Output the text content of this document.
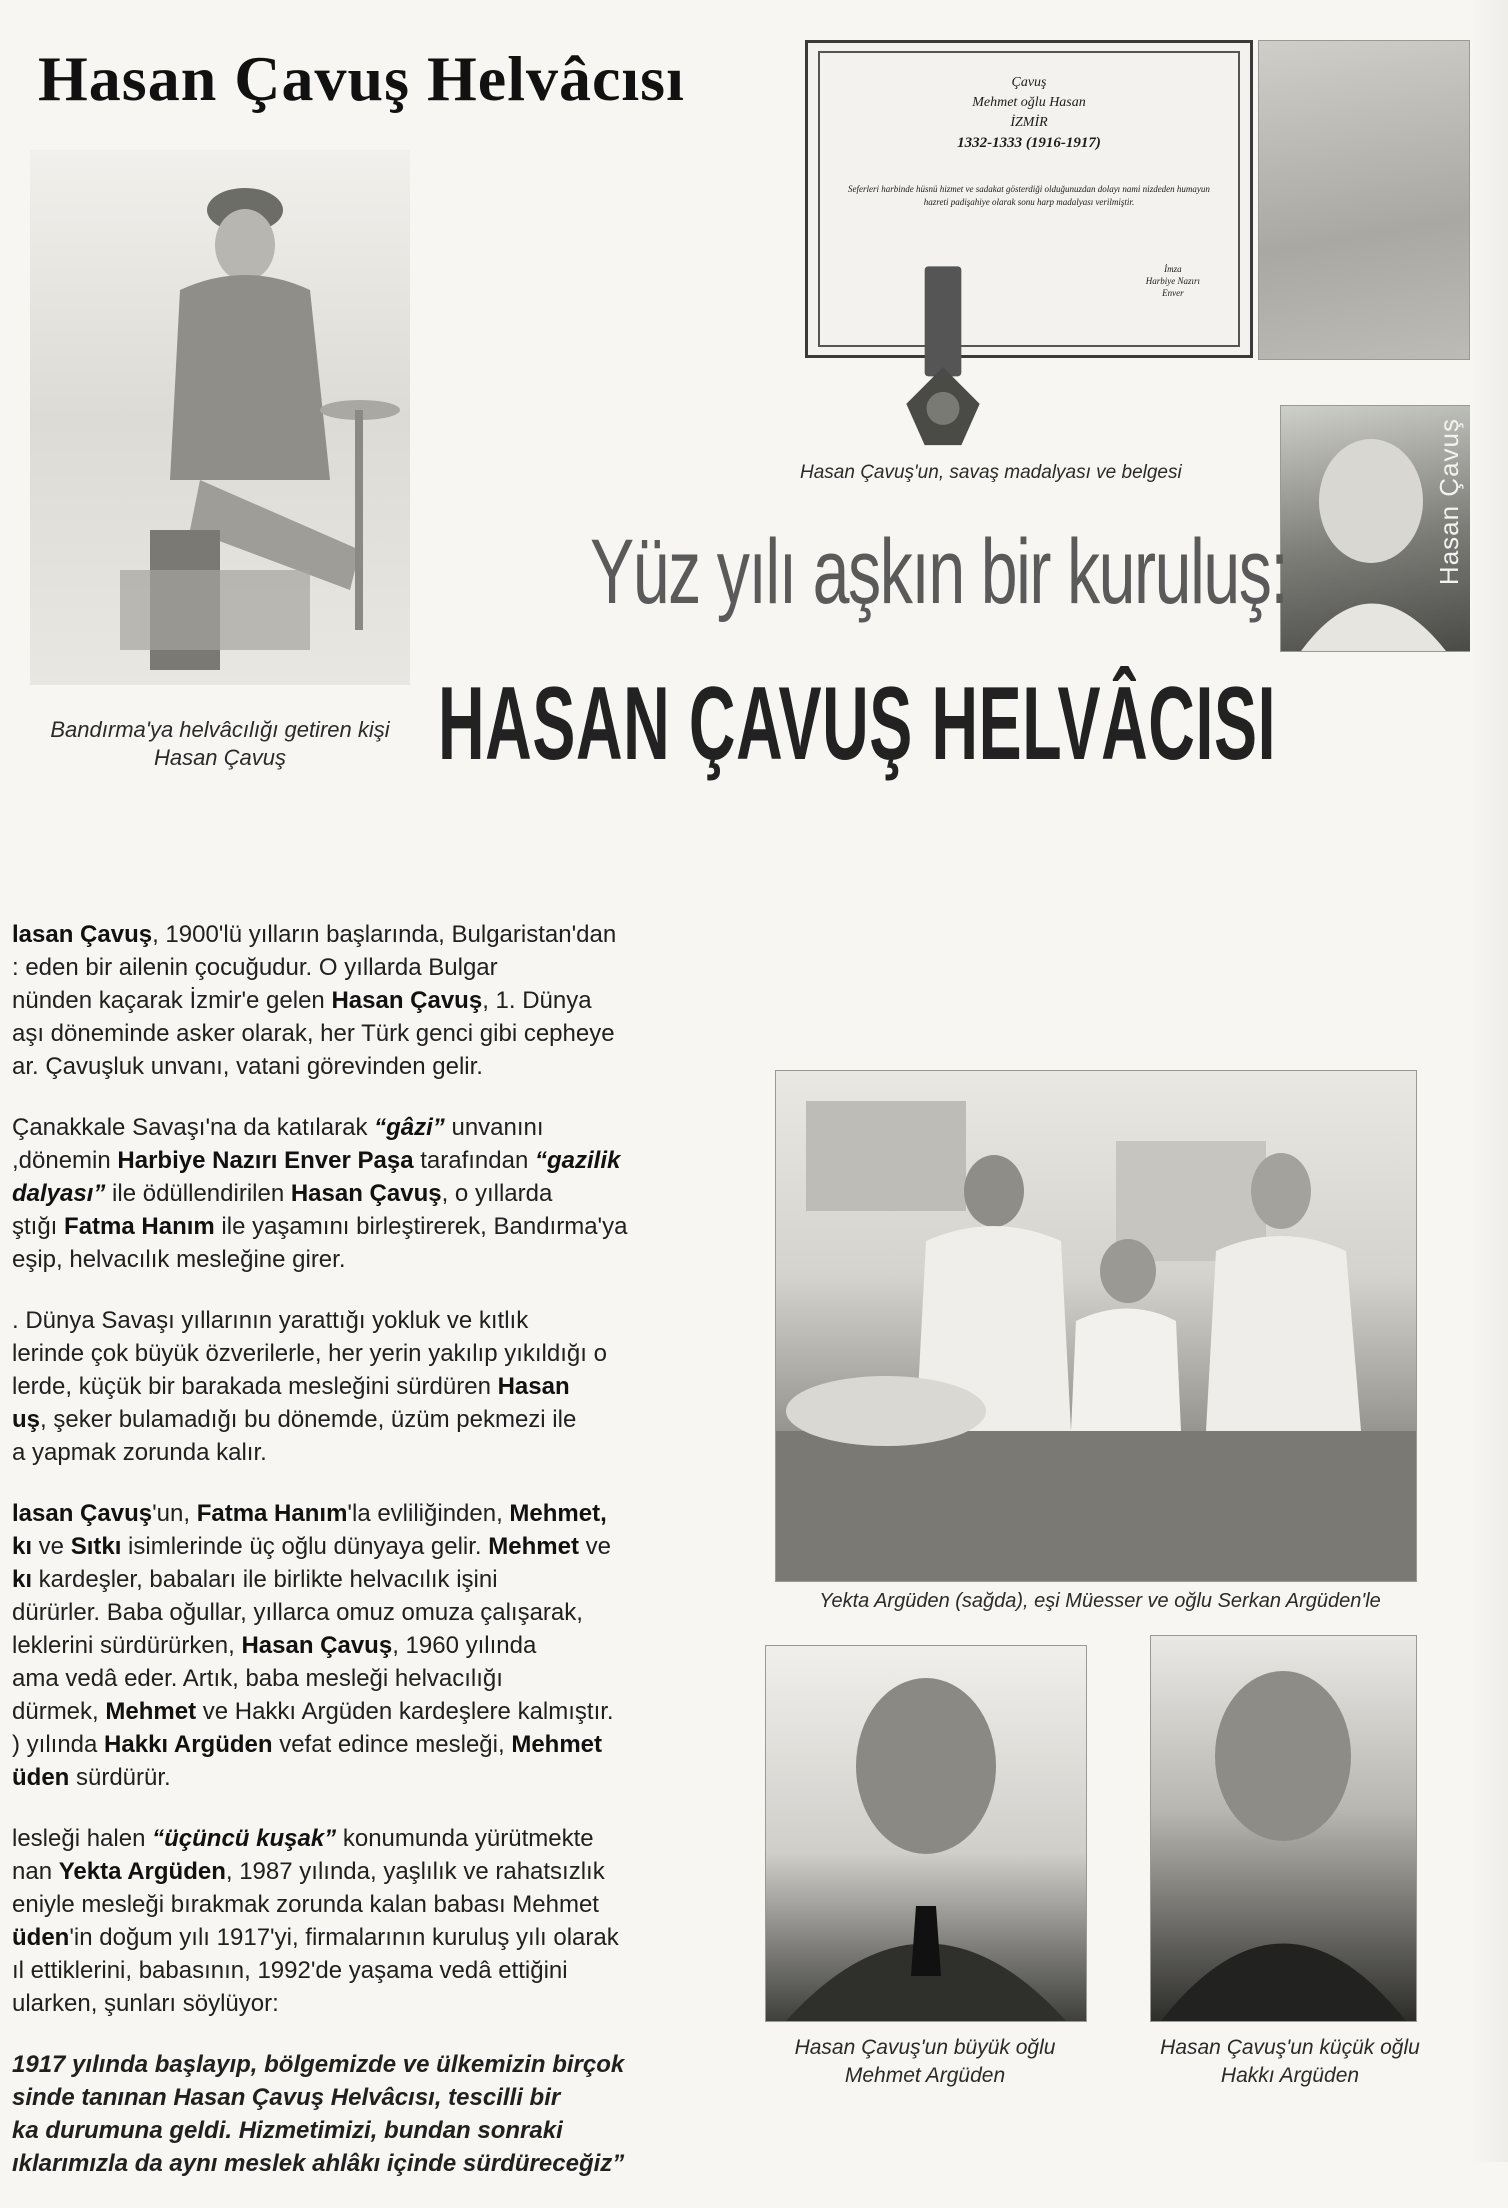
Hasan Çavuş Helvâcısı
Bandırma'ya helvâcılığı getiren kişi
Hasan Çavuş
Çavuş
Mehmet oğlu Hasan
İZMİR
1332-1333 (1916-1917)
Seferleri harbinde hüsnü hizmet ve sadakat gösterdiği olduğunuzdan dolayı nami nizdeden humayun hazreti padişahiye olarak sonu harp madalyası verilmiştir.
İmza
Harbiye Nazırı
Enver
Hasan Çavuş'un, savaş madalyası ve belgesi	Hasan Çavuş
Yüz yılı aşkın bir kuruluş:
HASAN ÇAVUŞ HELVÂCISI

lasan Çavuş, 1900'lü yılların başlarında, Bulgaristan'dan
: eden bir ailenin çocuğudur. O yıllarda Bulgar
nünden kaçarak İzmir'e gelen Hasan Çavuş, 1. Dünya
aşı döneminde asker olarak, her Türk genci gibi cepheye
ar. Çavuşluk unvanı, vatani görevinden gelir.

Çanakkale Savaşı'na da katılarak “gâzi” unvanını
,dönemin Harbiye Nazırı Enver Paşa tarafından “gazilik
dalyası” ile ödüllendirilen Hasan Çavuş, o yıllarda
ştığı Fatma Hanım ile yaşamını birleştirerek, Bandırma'ya
eşip, helvacılık mesleğine girer.

. Dünya Savaşı yıllarının yarattığı yokluk ve kıtlık
lerinde çok büyük özverilerle, her yerin yakılıp yıkıldığı o
lerde, küçük bir barakada mesleğini sürdüren Hasan
uş, şeker bulamadığı bu dönemde, üzüm pekmezi ile
a yapmak zorunda kalır.

lasan Çavuş'un, Fatma Hanım'la evliliğinden, Mehmet,
kı ve Sıtkı isimlerinde üç oğlu dünyaya gelir. Mehmet ve
kı kardeşler, babaları ile birlikte helvacılık işini
dürürler. Baba oğullar, yıllarca omuz omuza çalışarak,
leklerini sürdürürken, Hasan Çavuş, 1960 yılında
ama vedâ eder. Artık, baba mesleği helvacılığı
dürmek, Mehmet ve Hakkı Argüden kardeşlere kalmıştır.
) yılında Hakkı Argüden vefat edince mesleği, Mehmet
üden sürdürür.

lesleği halen “üçüncü kuşak” konumunda yürütmekte
nan Yekta Argüden, 1987 yılında, yaşlılık ve rahatsızlık
eniyle mesleği bırakmak zorunda kalan babası Mehmet
üden'in doğum yılı 1917'yi, firmalarının kuruluş yılı olarak
ıl ettiklerini, babasının, 1992'de yaşama vedâ ettiğini
ularken, şunları söylüyor:

1917 yılında başlayıp, bölgemizde ve ülkemizin birçok
sinde tanınan Hasan Çavuş Helvâcısı, tescilli bir
ka durumuna geldi. Hizmetimizi, bundan sonraki
ıklarımızla da aynı meslek ahlâkı içinde sürdüreceğiz”

Yekta Argüden (sağda), eşi Müesser ve oğlu Serkan Argüden'le
Hasan Çavuş'un büyük oğlu
Mehmet Argüden
Hasan Çavuş'un küçük oğlu
Hakkı Argüden
